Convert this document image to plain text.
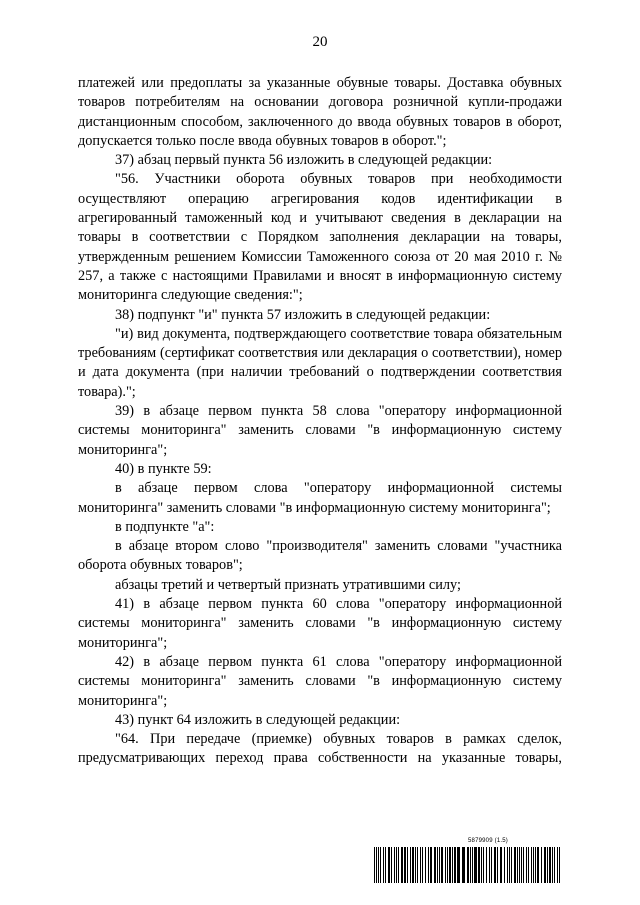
20

платежей или предоплаты за указанные обувные товары. Доставка обувных товаров потребителям на основании договора розничной купли-продажи дистанционным способом, заключенного до ввода обувных товаров в оборот, допускается только после ввода обувных товаров в оборот.";

37) абзац первый пункта 56 изложить в следующей редакции:

"56. Участники оборота обувных товаров при необходимости осуществляют операцию агрегирования кодов идентификации в агрегированный таможенный код и учитывают сведения в декларации на товары в соответствии с Порядком заполнения декларации на товары, утвержденным решением Комиссии Таможенного союза от 20 мая 2010 г. № 257, а также с настоящими Правилами и вносят в информационную систему мониторинга следующие сведения:";

38) подпункт "и" пункта 57 изложить в следующей редакции:

"и) вид документа, подтверждающего соответствие товара обязательным требованиям (сертификат соответствия или декларация о соответствии), номер и дата документа (при наличии требований о подтверждении соответствия товара).";

39) в абзаце первом пункта 58 слова "оператору информационной системы мониторинга" заменить словами "в информационную систему мониторинга";

40) в пункте 59:

в абзаце первом слова "оператору информационной системы мониторинга" заменить словами "в информационную систему мониторинга";

в подпункте "а":

в абзаце втором слово "производителя" заменить словами "участника оборота обувных товаров";

абзацы третий и четвертый признать утратившими силу;

41) в абзаце первом пункта 60 слова "оператору информационной системы мониторинга" заменить словами "в информационную систему мониторинга";

42) в абзаце первом пункта 61 слова "оператору информационной системы мониторинга" заменить словами "в информационную систему мониторинга";

43) пункт 64 изложить в следующей редакции:

"64. При передаче (приемке) обувных товаров в рамках сделок, предусматривающих переход права собственности на указанные товары,

5879909 (1.5)
